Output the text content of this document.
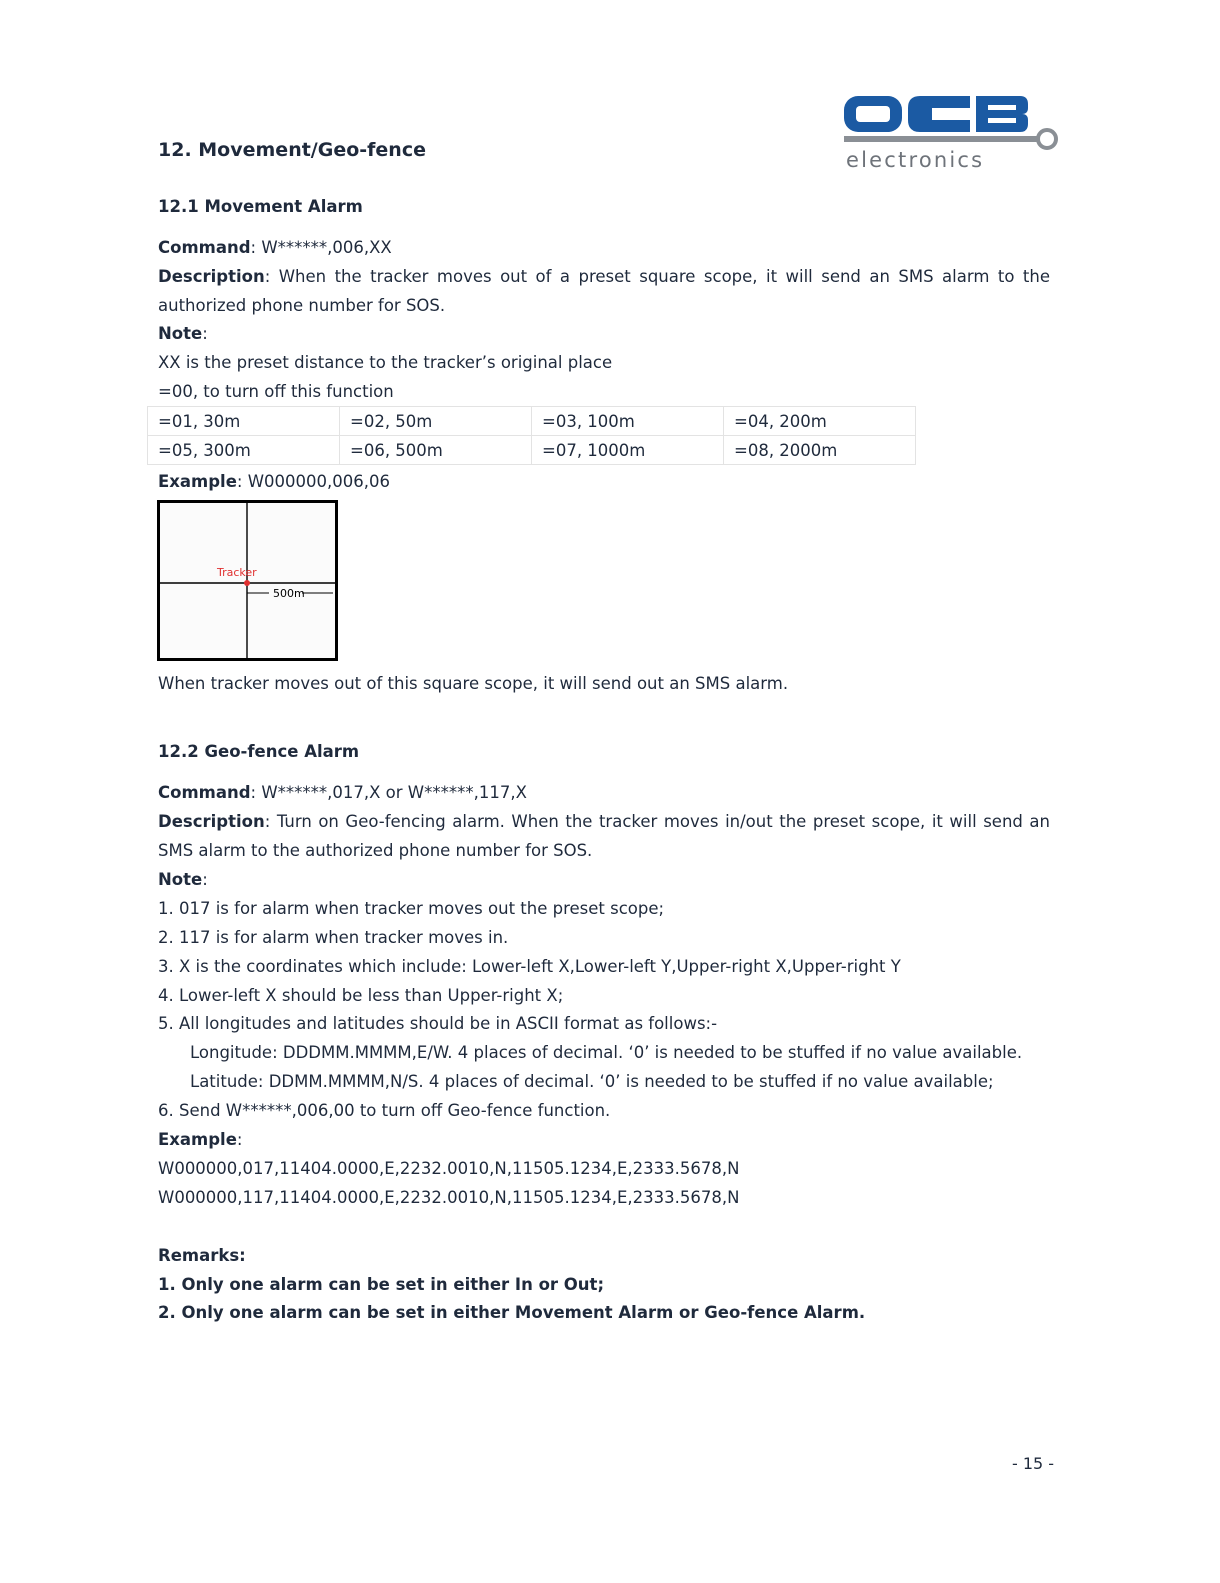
electronics
12. Movement/Geo-fence
12.1 Movement Alarm
Command: W******,006,XX
Description: When the tracker moves out of a preset square scope, it will send an SMS alarm to the authorized phone number for SOS.
Note:
XX is the preset distance to the tracker’s original place
=00, to turn off this function
=01, 30m	=02, 50m	=03, 100m	=04, 200m
=05, 300m	=06, 500m	=07, 1000m	=08, 2000m
Example: W000000,006,06
Tracker
500m
When tracker moves out of this square scope, it will send out an SMS alarm.
12.2 Geo-fence Alarm
Command: W******,017,X or W******,117,X
Description: Turn on Geo-fencing alarm. When the tracker moves in/out the preset scope, it will send an SMS alarm to the authorized phone number for SOS.
Note:
1. 017 is for alarm when tracker moves out the preset scope;
2. 117 is for alarm when tracker moves in.
3. X is the coordinates which include: Lower-left X,Lower-left Y,Upper-right X,Upper-right Y
4. Lower-left X should be less than Upper-right X;
5. All longitudes and latitudes should be in ASCII format as follows:-
Longitude: DDDMM.MMMM,E/W. 4 places of decimal. ‘0’ is needed to be stuffed if no value available.
Latitude: DDMM.MMMM,N/S. 4 places of decimal. ‘0’ is needed to be stuffed if no value available;
6. Send W******,006,00 to turn off Geo-fence function.
Example:
W000000,017,11404.0000,E,2232.0010,N,11505.1234,E,2333.5678,N
W000000,117,11404.0000,E,2232.0010,N,11505.1234,E,2333.5678,N
Remarks:
1. Only one alarm can be set in either In or Out;
2. Only one alarm can be set in either Movement Alarm or Geo-fence Alarm.
- 15 -
